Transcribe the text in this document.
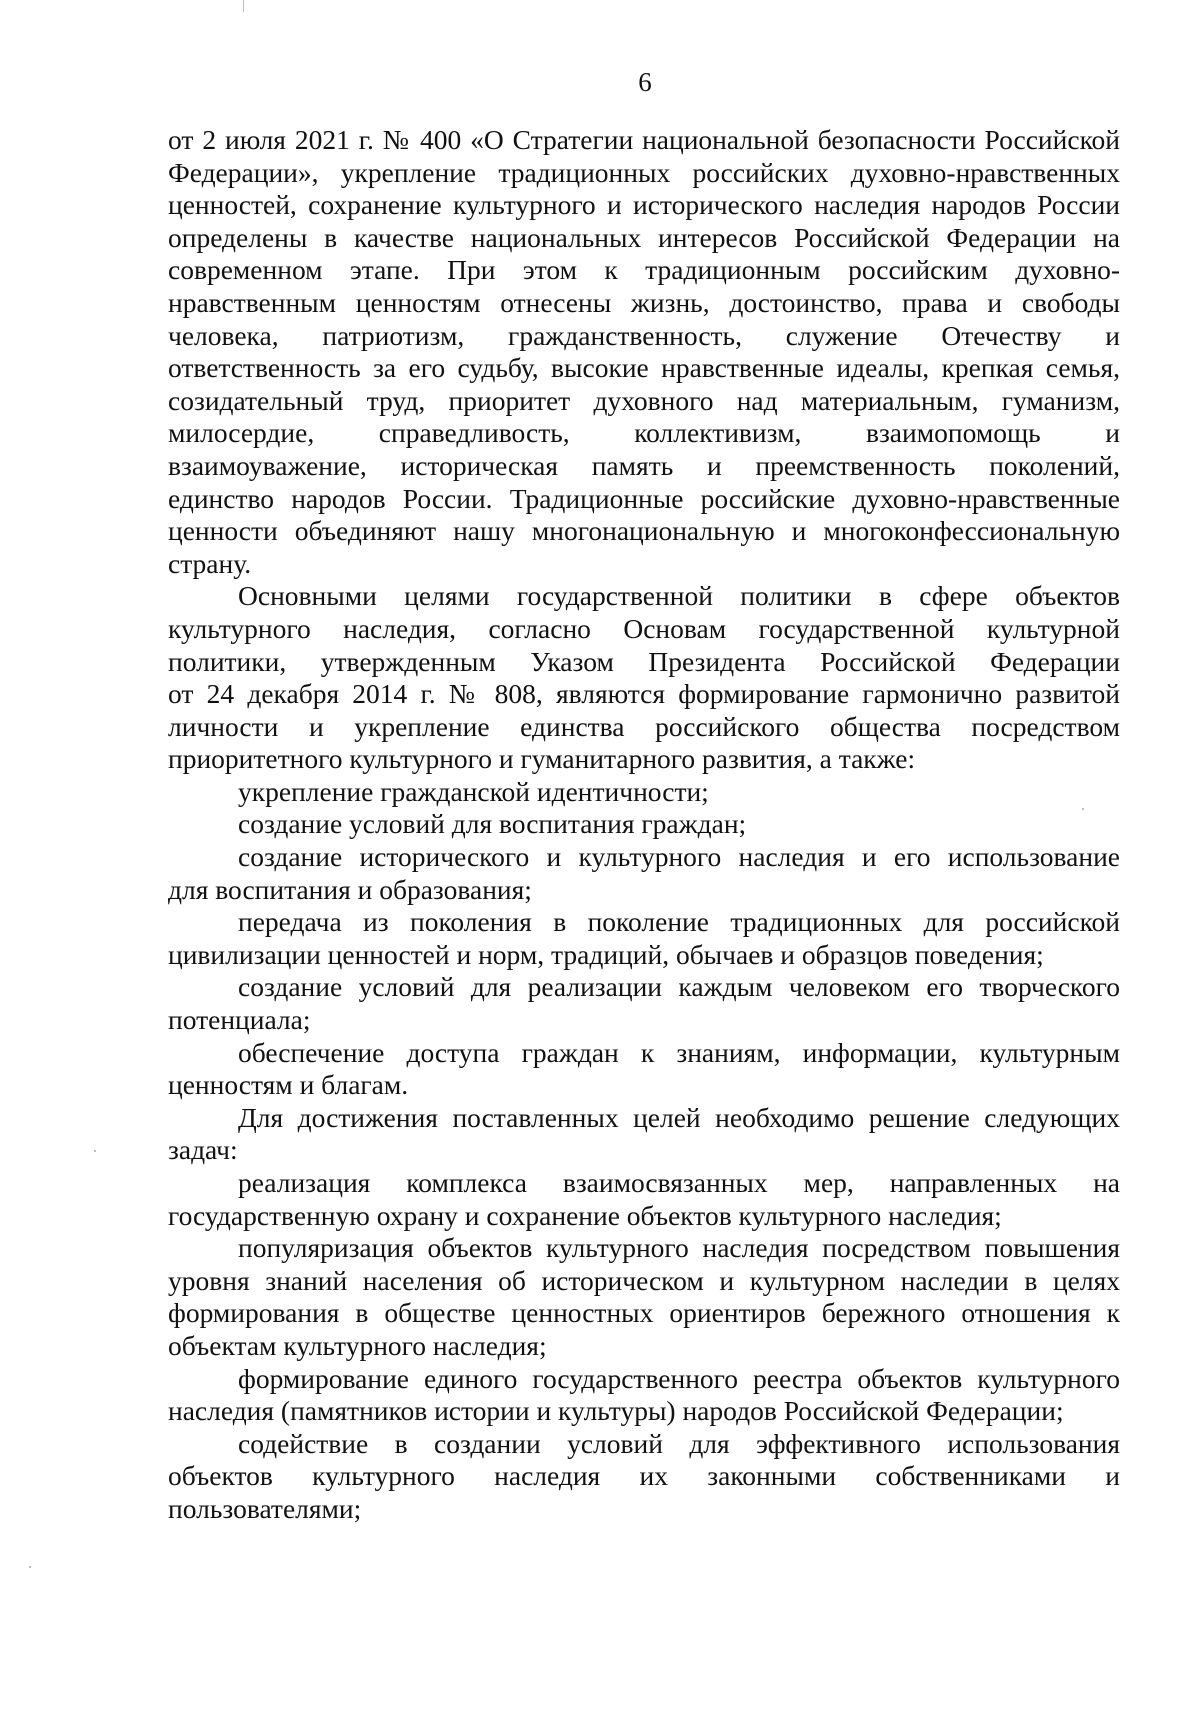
6
от 2 июля 2021 г. № 400 «О Стратегии национальной безопасности Российской
Федерации», укрепление традиционных российских духовно-нравственных
ценностей, сохранение культурного и исторического наследия народов России
определены в качестве национальных интересов Российской Федерации на
современном этапе. При этом к традиционным российским духовно-
нравственным ценностям отнесены жизнь, достоинство, права и свободы
человека, патриотизм, гражданственность, служение Отечеству и
ответственность за его судьбу, высокие нравственные идеалы, крепкая семья,
созидательный труд, приоритет духовного над материальным, гуманизм,
милосердие, справедливость, коллективизм, взаимопомощь и
взаимоуважение, историческая память и преемственность поколений,
единство народов России. Традиционные российские духовно-нравственные
ценности объединяют нашу многонациональную и многоконфессиональную
страну.
Основными целями государственной политики в сфере объектов
культурного наследия, согласно Основам государственной культурной
политики, утвержденным Указом Президента Российской Федерации
от 24 декабря 2014 г. № 808, являются формирование гармонично развитой
личности и укрепление единства российского общества посредством
приоритетного культурного и гуманитарного развития, а также:
укрепление гражданской идентичности;
создание условий для воспитания граждан;
создание исторического и культурного наследия и его использование
для воспитания и образования;
передача из поколения в поколение традиционных для российской
цивилизации ценностей и норм, традиций, обычаев и образцов поведения;
создание условий для реализации каждым человеком его творческого
потенциала;
обеспечение доступа граждан к знаниям, информации, культурным
ценностям и благам.
Для достижения поставленных целей необходимо решение следующих
задач:
реализация комплекса взаимосвязанных мер, направленных на
государственную охрану и сохранение объектов культурного наследия;
популяризация объектов культурного наследия посредством повышения
уровня знаний населения об историческом и культурном наследии в целях
формирования в обществе ценностных ориентиров бережного отношения к
объектам культурного наследия;
формирование единого государственного реестра объектов культурного
наследия (памятников истории и культуры) народов Российской Федерации;
содействие в создании условий для эффективного использования
объектов культурного наследия их законными собственниками и
пользователями;
